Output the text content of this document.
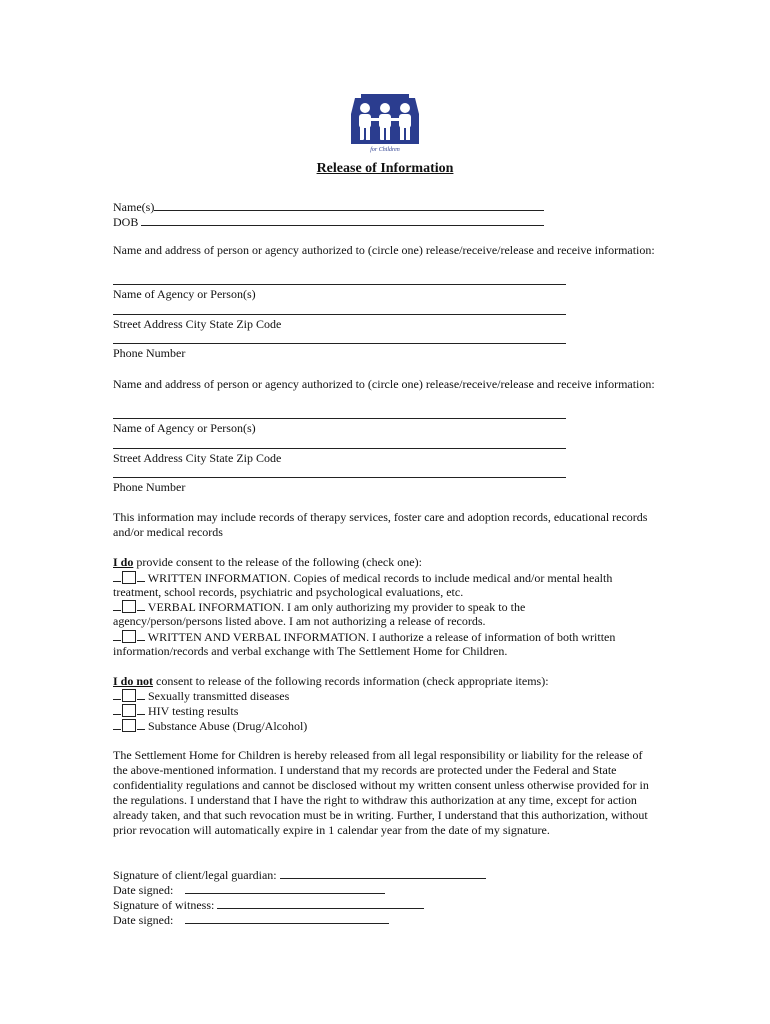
The Settlement Home
for Children
Release of Information
Name(s)
DOB
Name and address of person or agency authorized to (circle one) release/receive/release and receive information:
Name of Agency or Person(s)
Street Address City State Zip Code
Phone Number
Name and address of person or agency authorized to (circle one) release/receive/release and receive information:
Name of Agency or Person(s)
Street Address City State Zip Code
Phone Number
This information may include records of therapy services, foster care and adoption records, educational records and/or medical records
I do provide consent to the release of the following (check one):
WRITTEN INFORMATION. Copies of medical records to include medical and/or mental health
treatment, school records, psychiatric and psychological evaluations, etc.
VERBAL INFORMATION. I am only authorizing my provider to speak to the
agency/person/persons listed above. I am not authorizing a release of records.
WRITTEN AND VERBAL INFORMATION. I authorize a release of information of both written
information/records and verbal exchange with The Settlement Home for Children.
I do not consent to release of the following records information (check appropriate items):
Sexually transmitted diseases
HIV testing results
Substance Abuse (Drug/Alcohol)
The Settlement Home for Children is hereby released from all legal responsibility or liability for the release of the above-mentioned information. I understand that my records are protected under the Federal and State confidentiality regulations and cannot be disclosed without my written consent unless otherwise provided for in the regulations. I understand that I have the right to withdraw this authorization at any time, except for action already taken, and that such revocation must be in writing. Further, I understand that this authorization, without prior revocation will automatically expire in 1 calendar year from the date of my signature.
Signature of client/legal guardian:
Date signed:
Signature of witness:
Date signed:
